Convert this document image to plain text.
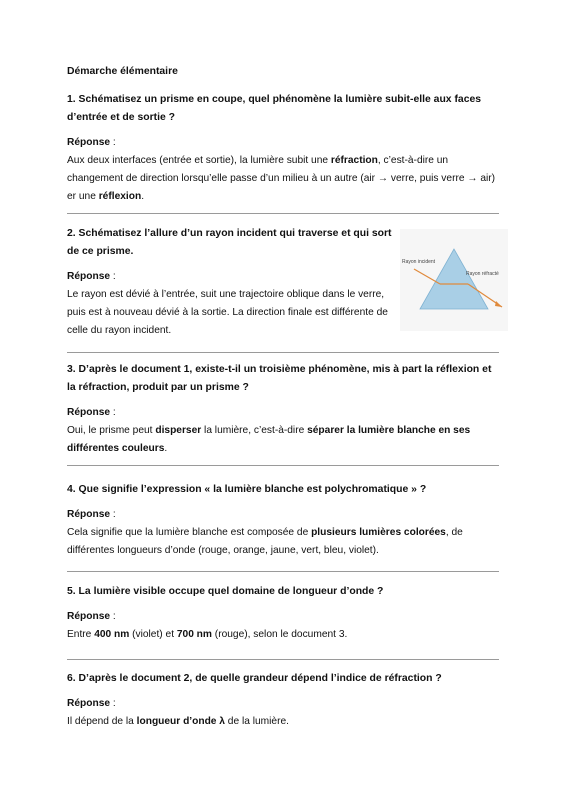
Démarche élémentaire
1. Schématisez un prisme en coupe, quel phénomène la lumière subit-elle aux faces d’entrée et de sortie ?
Réponse :
Aux deux interfaces (entrée et sortie), la lumière subit une réfraction, c’est-à-dire un changement de direction lorsqu’elle passe d’un milieu à un autre (air → verre, puis verre → air) er une réflexion.
2. Schématisez l’allure d’un rayon incident qui traverse et qui sort de ce prisme.
Réponse :
Le rayon est dévié à l’entrée, suit une trajectoire oblique dans le verre, puis est à nouveau dévié à la sortie. La direction finale est différente de celle du rayon incident.
Rayon incident
Rayon réfracté
3. D’après le document 1, existe-t-il un troisième phénomène, mis à part la réflexion et la réfraction, produit par un prisme ?
Réponse :
Oui, le prisme peut disperser la lumière, c’est-à-dire séparer la lumière blanche en ses différentes couleurs.
4. Que signifie l’expression « la lumière blanche est polychromatique » ?
Réponse :
Cela signifie que la lumière blanche est composée de plusieurs lumières colorées, de différentes longueurs d’onde (rouge, orange, jaune, vert, bleu, violet).
5. La lumière visible occupe quel domaine de longueur d’onde ?
Réponse :
Entre 400 nm (violet) et 700 nm (rouge), selon le document 3.
6. D’après le document 2, de quelle grandeur dépend l’indice de réfraction ?
Réponse :
Il dépend de la longueur d’onde λ de la lumière.
